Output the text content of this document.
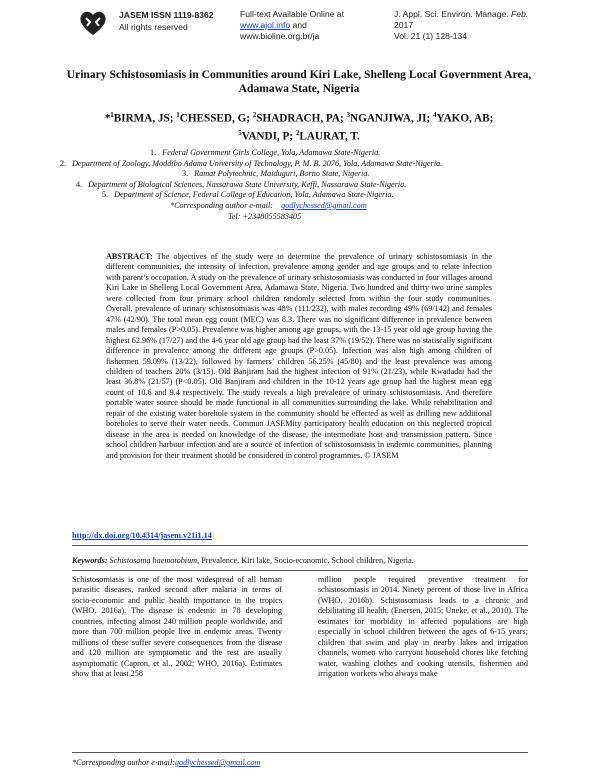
JASEM ISSN 1119-8362
All rights reserved
Full-text Available Online at
www.ajol.info and
www.bioline.org.br/ja
J. Appl. Sci. Environ. Manage. Feb. 2017
Vol. 21 (1) 128-134
Urinary Schistosomiasis in Communities around Kiri Lake, Shelleng Local Government Area, Adamawa State, Nigeria
*$^1$BIRMA, JS; $^1$CHESSED, G; $^2$SHADRACH, PA; $^3$NGANJIWA, JI; $^4$YAKO, AB;
$^5$VANDI, P; $^2$LAURAT, T.
1. Federal Government Girls College, Yola, Adamawa State-Nigeria.
2. Department of Zoology, Moddibo Adama University of Technology, P. M. B. 2076, Yola, Adamawa State-Nigeria.
3. Ramat Polytechnic, Maiduguri, Borno State, Nigeria.
4. Department of Biological Sciences, Nassarawa State University, Keffi, Nassarawa State-Nigeria.
5. Department of Science, Federal College of Education, Yola, Adamawa State-Nigeria.
*Corresponding author e-mail:
godlychessed@gmail.com
Tel: +2348055583405
ABSTRACT: The objectives of the study were to determine the prevalence of urinary schistosomiasis in the different communities, the intensity of infection, prevalence among gender and age groups and to relate infection with parent’s occupation. A study on the prevalence of urinary schistosomiasis was conducted in four villages around Kiri Lake in Shelleng Local Government Area, Adamawa State, Nigeria. Two hundred and thirty two urine samples were collected from four primary school children randomly selected from within the four study communities. Overall, prevalence of urinary schistosomiasis was 48% (111/232), with males recording 49% (69/142) and females 47% (42/90). The total mean egg count (MEC) was 8.3. There was no significant difference in prevalence between males and females (P>0.05). Prevalence was higher among age groups, with the 13-15 year old age group having the highest 62.96% (17/27) and the 4-6 year old age group had the least 37% (19/52). There was no statiscally significant difference in prevalence among the different age groups (P>0.05). Infection was also high among children of fishermen 59.09% (13/22), followed by farmers’ children 56.25% (45/80) and the least prevalence was among children of teachers 20% (3/15). Old Banjiram had the highest infection of 91% (21/23), while Kwadadai had the least 36.8% (21/57) (P<0.05). Old Banjiram and children in the 10-12 years age group had the highest mean egg count of 10.6 and 9.4 respectively. The study reveals a high prevalence of urinary schistosomiasis. And therefore portable water source should be made functional in all communities surrounding the lake. While rehabilitation and repair of the existing water borehole system in the community should be effected as well as drilling new additional boreholes to serve their water needs. Commun JASEMity participatory health education on this neglected tropical disease in the area is needed on knowledge of the disease, the intermediate host and transmission pattern. Since school children harbour infection and are a source of infection of schistosomiasis in endemic communities, planning and provision for their treatment should be considered in control programmes. © JASEM
http://dx.doi.org/10.4314/jasem.v21i1.14
Keywords: Schistosoma haematobium, Prevalence, Kiri lake, Socio-economic, School children, Nigeria.
Schistosomiasis is one of the most widespread of all human parasitic diseases, ranked second after malaria in terms of socio-economic and public health importance in the tropics (WHO, 2016a). The disease is endemic in 78 developing countries, infecting almost 240 million people worldwide, and more than 700 million people live in endemic areas. Twenty millions of these suffer severe consequences from the disease and 120 million are symptomatic and the rest are usually asymptomatic (Capron, et al., 2002; WHO, 2016a). Estimates show that at least 258
million people required preventive treatment for schistosomiasis in 2014. Ninety percent of those live in Africa (WHO, 2016b). Schistosomiasis leads to a chronic and debilitating ill health. (Enersen, 2015; Uneke, et al., 2010). The estimates for morbidity in affected populations are high especially in school children between the ages of 6-15 years; children that swim and play in nearby lakes and irrigation channels, women who carryout household chores like fetching water, washing clothes and cooking utensils, fishermen and irrigation workers who always make
*Corresponding author e-mail:godlychessed@gmail.com
